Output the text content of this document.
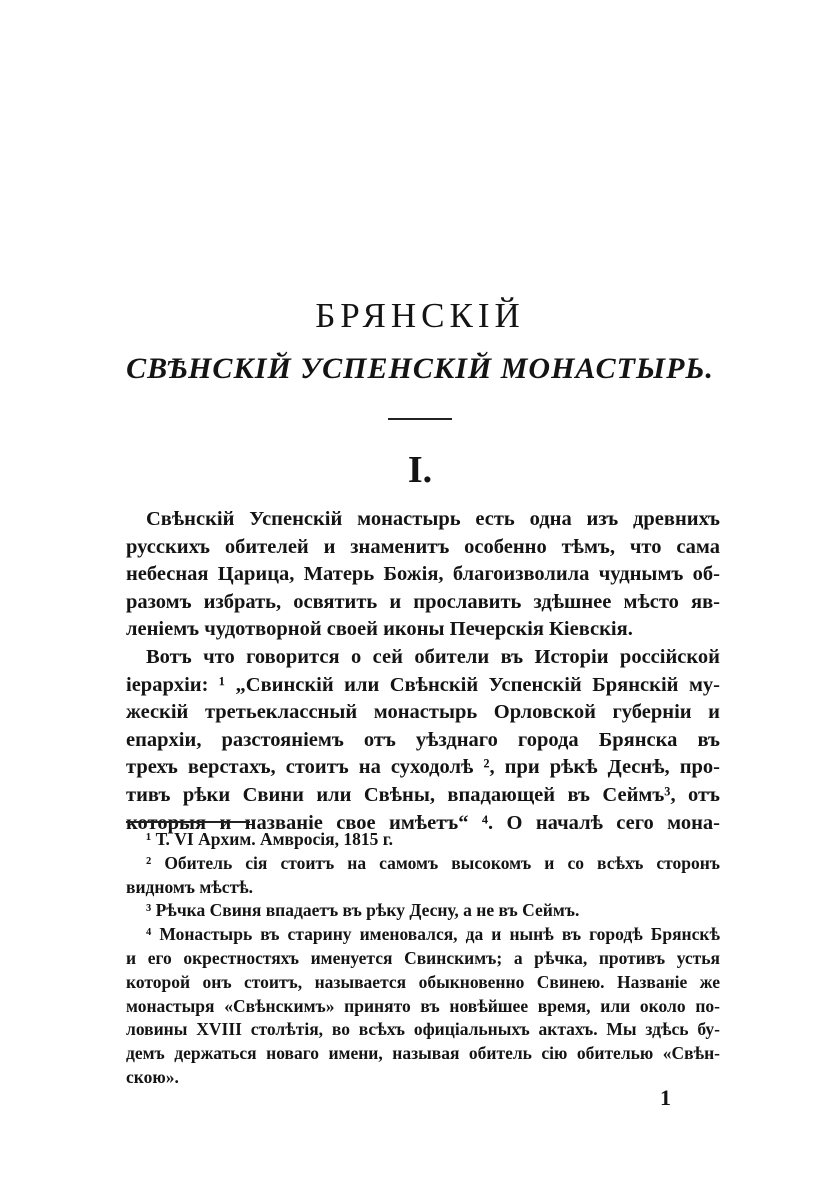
БРЯНСКІЙ
СВѢНСКІЙ УСПЕНСКІЙ МОНАСТЫРЬ.
I.
Свѣнскій Успенскій монастырь есть одна изъ древнихъ
русскихъ обителей и знаменитъ особенно тѣмъ, что сама
небесная Царица, Матерь Божія, благоизволила чуднымъ об-
разомъ избрать, освятить и прославить здѣшнее мѣсто яв-
леніемъ чудотворной своей иконы Печерскія Кіевскія.
Вотъ что говорится о сей обители въ Исторіи россійской
іерархіи: ¹ „Свинскій или Свѣнскій Успенскій Брянскій му-
жескій третьеклассный монастырь Орловской губерніи и
епархіи, разстояніемъ отъ уѣзднаго города Брянска въ
трехъ верстахъ, стоитъ на суходолѣ ², при рѣкѣ Деснѣ, про-
тивъ рѣки Свини или Свѣны, впадающей въ Сеймъ³, отъ
которыя и названіе свое имѣетъ“ ⁴. О началѣ сего мона-
¹ Т. VI Архим. Амвросія, 1815 г.
² Обитель сія стоитъ на самомъ высокомъ и со всѣхъ сторонъ
видномъ мѣстѣ.
³ Рѣчка Свиня впадаетъ въ рѣку Десну, а не въ Сеймъ.
⁴ Монастырь въ старину именовался, да и нынѣ въ городѣ Брянскѣ
и его окрестностяхъ именуется Свинскимъ; а рѣчка, противъ устья
которой онъ стоитъ, называется обыкновенно Свинею. Названіе же
монастыря «Свѣнскимъ» принято въ новѣйшее время, или около по-
ловины XVIII столѣтія, во всѣхъ офиціальныхъ актахъ. Мы здѣсь бу-
демъ держаться новаго имени, называя обитель сію обителью «Свѣн-
скою».
1
